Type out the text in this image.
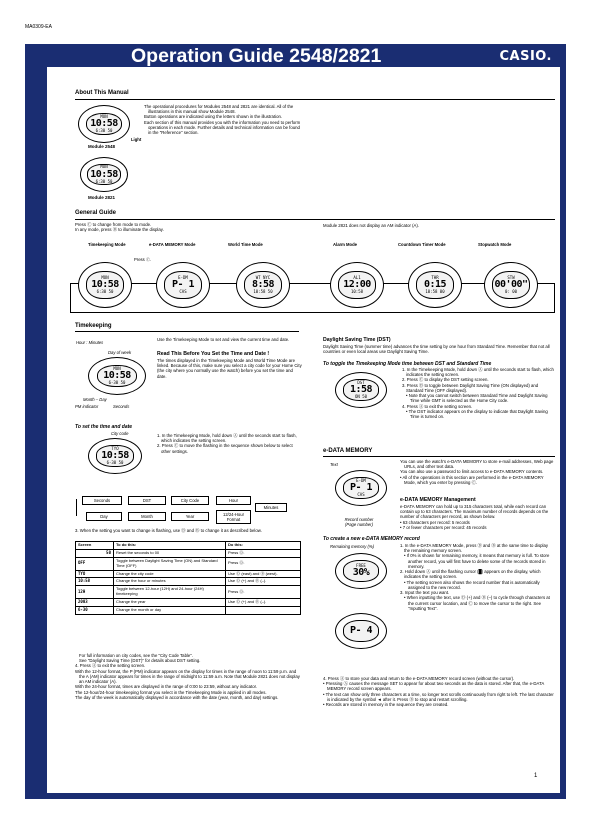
MA0309-EA
Operation Guide 2548/2821	CASIO.
About This Manual
MON
10:58
6:30 50
Light
Module 2548
MON
10:58
6:30 50
Module 2821
The operational procedures for Modules 2548 and 2821 are identical. All of the illustrations in this manual show Module 2548.
Button operations are indicated using the letters shown in the illustration.
Each section of this manual provides you with the information you need to perform operations in each mode. Further details and technical information can be found in the "Reference" section.
General Guide
Press Ⓒ to change from mode to mode.
In any mode, press Ⓑ to illuminate the display.
Module 2821 does not display an AM indicator (A).
Timekeeping Mode	e-DATA MEMORY Mode	World Time Mode	Alarm Mode	Countdown Timer Mode	Stopwatch Mode
Press Ⓒ.
MON
10:58
6:30 50
E-DM
P- 1
CAS
WT NYC
8:58
10:58 50
AL1
12:00
10:58
THR
0:15
10:58 00
STW
00'00"
0: 00
Timekeeping
Hour : Minutes
Day of week
MON
10:58
6-30 50
Month – Day
PM indicator	Seconds
Use the Timekeeping Mode to set and view the current time and date.
Read This Before You Set the Time and Date !
The times displayed in the Timekeeping Mode and World Time Mode are linked. Because of this, make sure you select a city code for your Home City (the city where you normally use the watch) before you set the time and date.
To set the time and date
City code
TYO
10:58
6-30 50
1. In the Timekeeping Mode, hold down Ⓐ until the seconds start to flash, which indicates the setting screen.
2. Press Ⓒ to move the flashing in the sequence shown below to select other settings.
Seconds	DST	City Code	Hour
Day	Month	Year	12/24-Hour Format
Minutes
3. When the setting you want to change is flashing, use Ⓓ and Ⓑ to change it as described below.
Screen	To do this:	Do this:
50	Reset the seconds to 00	Press Ⓓ.
OFF	Toggle between Daylight Saving Time (ON) and Standard Time (OFF)	Press Ⓓ.
TYO	Change the city code	Use Ⓓ (east) and Ⓑ (west).
10:58	Change the hour or minutes	Use Ⓓ (+) and Ⓑ (–).
12H	Toggle between 12-hour (12H) and 24-hour (24H) timekeeping	Press Ⓓ.
2003	Change the year	Use Ⓓ (+) and Ⓑ (–).
6-30	Change the month or day	
For full information on city codes, see the "City Code Table".
See "Daylight Saving Time (DST)" for details about DST setting.
4. Press Ⓐ to exit the setting screen.
With the 12-hour format, the P (PM) indicator appears on the display for times in the range of noon to 11:59 p.m. and the A (AM) indicator appears for times in the range of midnight to 11:59 a.m. Note that Module 2821 does not display an AM indicator (A).
With the 24-hour format, times are displayed in the range of 0:00 to 23:59, without any indicator.
The 12-hour/24-hour timekeeping format you select in the Timekeeping Mode is applied in all modes.
The day of the week is automatically displayed in accordance with the date (year, month, and day) settings.
Daylight Saving Time (DST)
Daylight Saving Time (summer time) advances the time setting by one hour from Standard Time. Remember that not all countries or even local areas use Daylight Saving Time.
To toggle the Timekeeping Mode time between DST and Standard Time
DST
1:58
ON 50
1. In the Timekeeping Mode, hold down Ⓐ until the seconds start to flash, which indicates the setting screen.
2. Press Ⓒ to display the DST setting screen.
3. Press Ⓓ to toggle between Daylight Saving Time (ON displayed) and Standard Time (OFF displayed).
• Note that you cannot switch between Standard Time and Daylight Saving Time while GMT is selected as the Home City code.
4. Press Ⓐ to exit the setting screen.
• The DST indicator appears on the display to indicate that Daylight Saving Time is turned on.
e-DATA MEMORY
Text
E-DM
P- 1
CAS
Record number (Page number)
You can use the watch's e-DATA MEMORY to store e-mail addresses, Web page URLs, and other text data.
You can also use a password to limit access to e-DATA MEMORY contents.
• All of the operations in this section are performed in the e-DATA MEMORY Mode, which you enter by pressing Ⓒ.
e-DATA MEMORY Management
e-DATA MEMORY can hold up to 315 characters total, while each record can contain up to 63 characters. The maximum number of records depends on the number of characters per record, as shown below.
• 63 characters per record: 5 records
• 7 or fewer characters per record: 45 records
To create a new e-DATA MEMORY record
Remaining memory (%)
FREE
30%
P- 4
1. In the e-DATA MEMORY Mode, press Ⓓ and Ⓑ at the same time to display the remaining memory screen.
• If 0% is shown for remaining memory, it means that memory is full. To store another record, you will first have to delete some of the records stored in memory.
2. Hold down Ⓐ until the flashing cursor (█) appears on the display, which indicates the setting screen.
• The setting screen also shows the record number that is automatically assigned to the new record.
3. Input the text you want.
• When inputting the text, use Ⓓ (+) and Ⓑ (–) to cycle through characters at the current cursor location, and Ⓒ to move the cursor to the right. See "Inputting Text".
4. Press Ⓐ to store your data and return to the e-DATA MEMORY record screen (without the cursor).
• Pressing Ⓐ causes the message SET to appear for about two seconds as the data is stored. After that, the e-DATA MEMORY record screen appears.
• The text can show only three characters at a time, so longer text scrolls continuously from right to left. The last character is indicated by the symbol ◄ after it. Press Ⓑ to stop and restart scrolling.
• Records are stored in memory in the sequence they are created.
1
